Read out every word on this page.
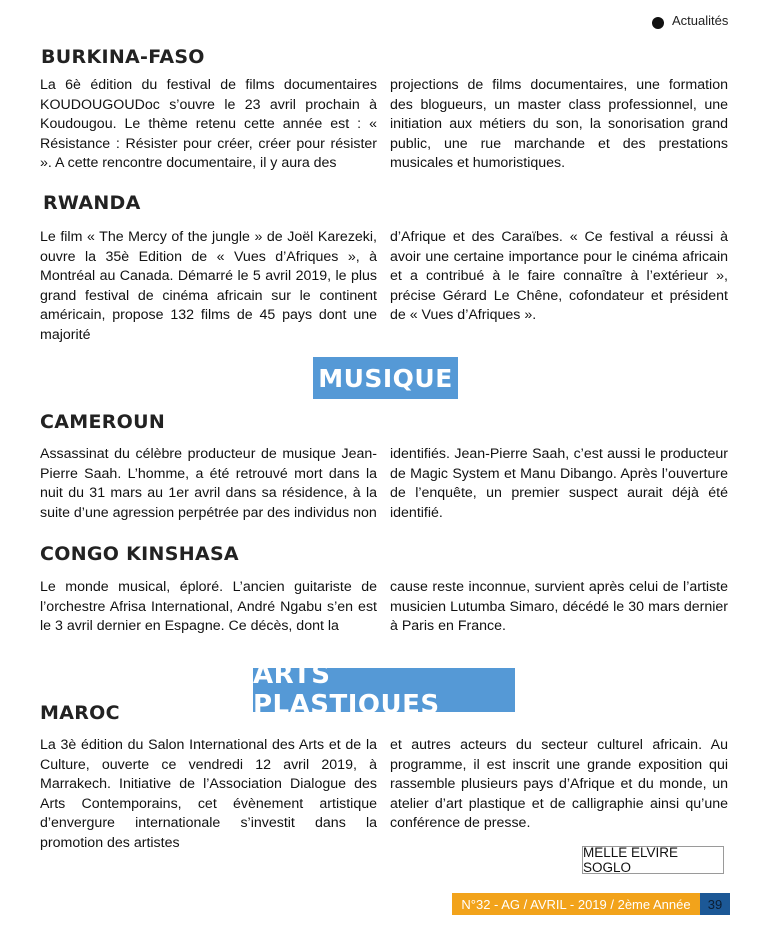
Actualités
BURKINA-FASO

La 6è édition du festival de films documentaires KOUDOUGOUDoc s’ouvre le 23 avril prochain à Koudougou. Le thème retenu cette année est : « Résistance : Résister pour créer, créer pour résister ». A cette rencontre documentaire, il y aura des

projections de films documentaires, une formation des blogueurs, un master class professionnel, une initiation aux métiers du son, la sonorisation grand public, une rue marchande et des prestations musicales et humoristiques.

RWANDA

Le film « The Mercy of the jungle » de Joël Karezeki, ouvre la 35è Edition de « Vues d’Afriques », à Montréal au Canada. Démarré le 5 avril 2019, le plus grand festival de cinéma africain sur le continent américain, propose 132 films de 45 pays dont une majorité

d’Afrique et des Caraïbes. « Ce festival a réussi à avoir une certaine importance pour le cinéma africain et a contribué à le faire connaître à l’extérieur », précise Gérard Le Chêne, cofondateur et président de « Vues d’Afriques ».

MUSIQUE
CAMEROUN

Assassinat du célèbre producteur de musique Jean-Pierre Saah. L’homme, a été retrouvé mort dans la nuit du 31 mars au 1er avril dans sa résidence, à la suite d’une agression perpétrée par des individus non

identifiés. Jean-Pierre Saah, c’est aussi le producteur de Magic System et Manu Dibango. Après l’ouverture de l’enquête, un premier suspect aurait déjà été identifié.

CONGO KINSHASA

Le monde musical, éploré. L’ancien guitariste de l’orchestre Afrisa International, André Ngabu s’en est le 3 avril dernier en Espagne. Ce décès, dont la

cause reste inconnue, survient après celui de l’artiste musicien Lutumba Simaro, décédé le 30 mars dernier à Paris en France.

ARTS PLASTIQUES
MAROC

La 3è édition du Salon International des Arts et de la Culture, ouverte ce vendredi 12 avril 2019, à Marrakech. Initiative de l’Association Dialogue des Arts Contemporains, cet évènement artistique d’envergure internationale s’investit dans la promotion des artistes

et autres acteurs du secteur culturel africain. Au programme, il est inscrit une grande exposition qui rassemble plusieurs pays d’Afrique et du monde, un atelier d’art plastique et de calligraphie ainsi qu’une conférence de presse.

MELLE ELVIRE SOGLO
N°32 - AG / AVRIL - 2019 / 2ème Année	39
